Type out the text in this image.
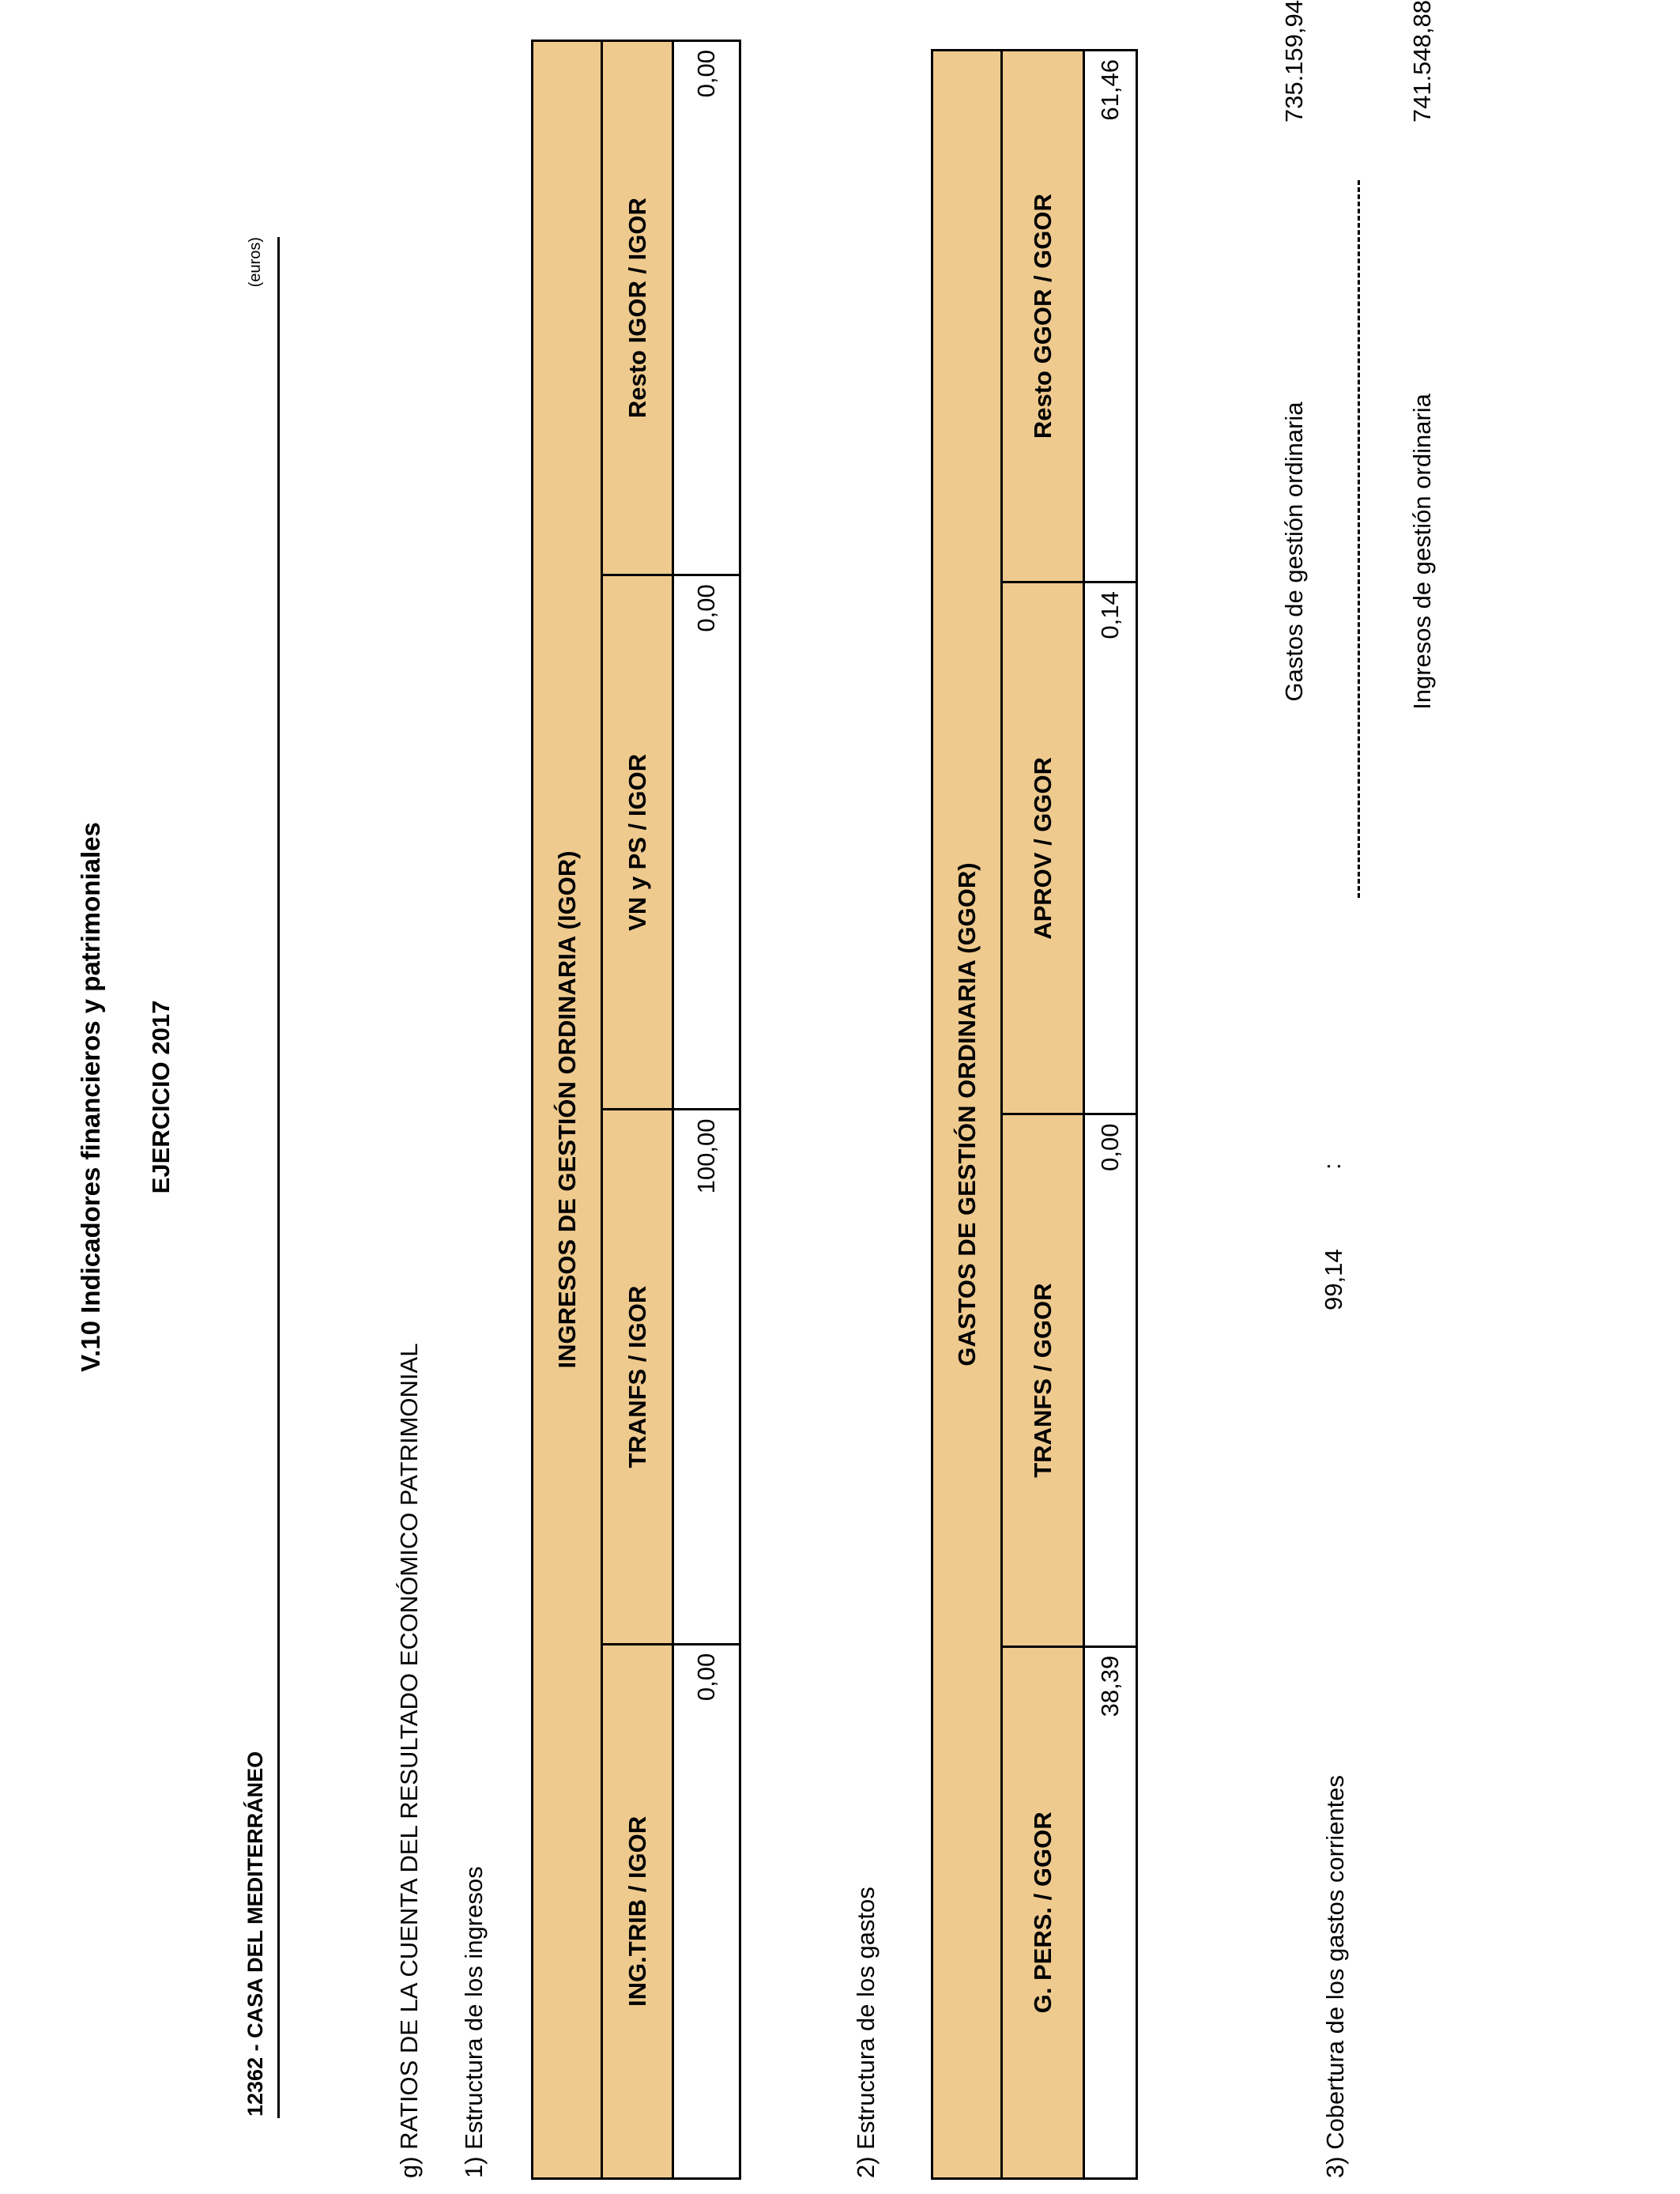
V.10 Indicadores financieros y patrimoniales EJERCICIO 2017
12362 - CASA DEL MEDITERRÁNEO
(euros)
g) RATIOS DE LA CUENTA DEL RESULTADO ECONÓMICO PATRIMONIAL 1) Estructura de los ingresos
INGRESOS DE GESTIÓN ORDINARIA (IGOR)
ING.TRIB / IGOR
TRANFS / IGOR
VN y PS / IGOR
Resto IGOR / IGOR
0,00
100,00
0,00
0,00
2) Estructura de los gastos
GASTOS DE GESTIÓN ORDINARIA (GGOR)
G. PERS. / GGOR
TRANFS / GGOR
APROV / GGOR
Resto GGOR / GGOR
38,39
0,00
0,14
61,46
3) Cobertura de los gastos corrientes
99,14
:
Gastos de gestión ordinaria	Ingresos de gestión ordinaria
735.159,94	741.548,88
